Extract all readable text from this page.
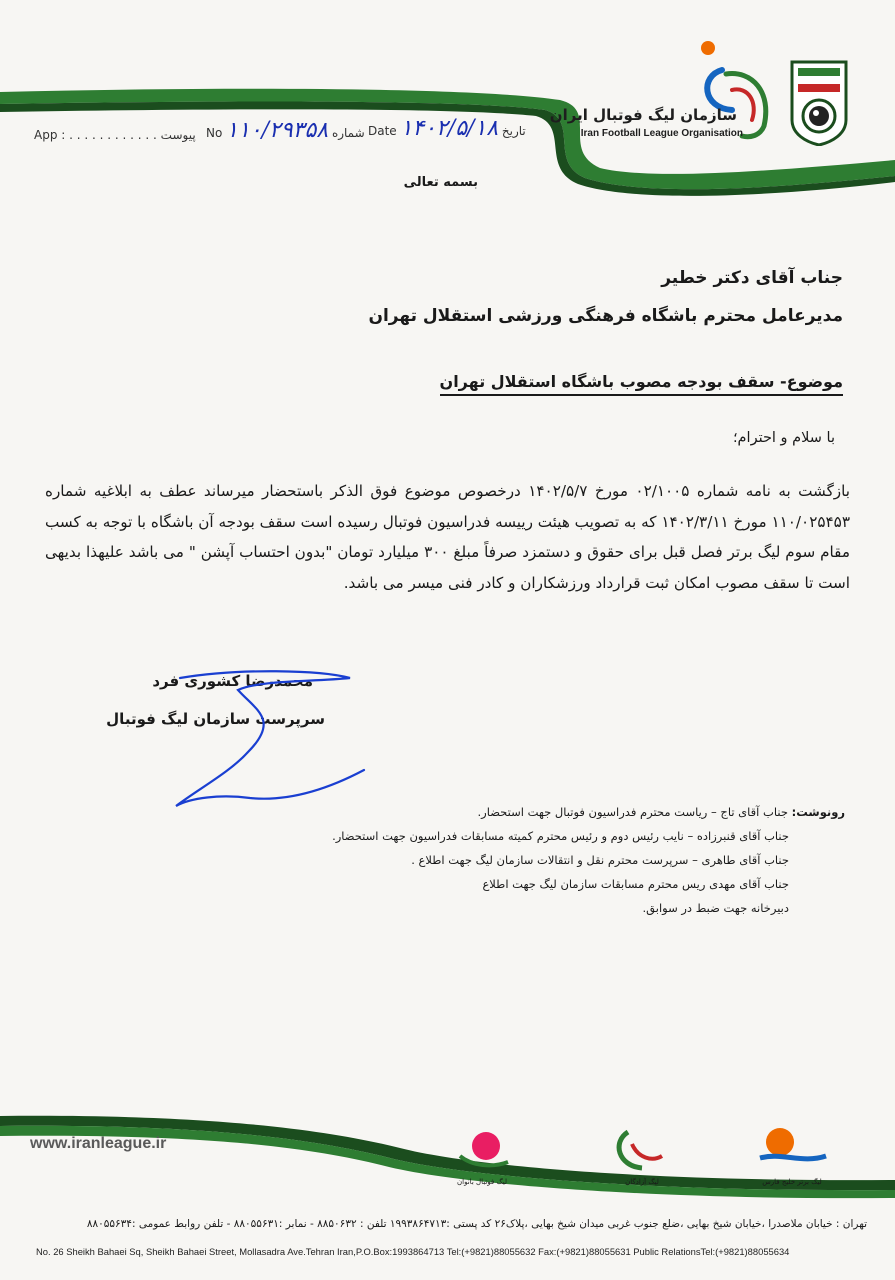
سازمان لیگ فوتبال ایران
Iran Football League Organisation
App : . . . . . . . . . . . . پیوست No ۱۱۰/۲۹۳۵۸ شماره Date ۱۴۰۲/۵/۱۸ تاریخ
بسمه تعالی
جناب آقای دکتر خطیر
مدیرعامل محترم باشگاه فرهنگی ورزشی استقلال تهران
موضوع- سقف بودجه مصوب باشگاه استقلال تهران
با سلام و احترام؛
بازگشت به نامه شماره ۰۲/۱۰۰۵ مورخ ۱۴۰۲/۵/۷ درخصوص موضوع فوق الذکر باستحضار میرساند عطف به ابلاغیه شماره ۱۱۰/۰۲۵۴۵۳ مورخ ۱۴۰۲/۳/۱۱ که به تصویب هیئت رییسه فدراسیون فوتبال رسیده است سقف بودجه آن باشگاه با توجه به کسب مقام سوم لیگ برتر فصل قبل برای حقوق و دستمزد صرفاً مبلغ ۳۰۰ میلیارد تومان "بدون احتساب آپشن " می باشد علیهذا بدیهی است تا سقف مصوب امکان ثبت قرارداد ورزشکاران و کادر فنی میسر می باشد.
محمدرضا کشوری فرد
سرپرست سازمان لیگ فوتبال
رونوشت: جناب آقای تاج – ریاست محترم فدراسیون فوتبال جهت استحضار.
جناب آقای قنبرزاده – نایب رئیس دوم و رئیس محترم کمیته مسابقات فدراسیون جهت استحضار.
جناب آقای طاهری – سرپرست محترم نقل و انتقالات سازمان لیگ جهت اطلاع .
جناب آقای مهدی ریس محترم مسابقات سازمان لیگ جهت اطلاع
دبیرخانه جهت ضبط در سوابق.
www.iranleague.ir
لیگ برتر خلیج فارس
لیگ آزادگان
لیگ فوتبال بانوان
تهران : خیابان ملاصدرا ،خیابان شیخ بهایی ،ضلع جنوب غربی میدان شیخ بهایی ،پلاک۲۶ کد پستی :۱۹۹۳۸۶۴۷۱۳ تلفن : ۸۸۵۰۶۳۲ - نمابر :۸۸۰۵۵۶۳۱ - تلفن روابط عمومی :۸۸۰۵۵۶۳۴
No. 26 Sheikh Bahaei Sq, Sheikh Bahaei Street, Mollasadra Ave.Tehran Iran,P.O.Box:1993864713 Tel:(+9821)88055632 Fax:(+9821)88055631 Public RelationsTel:(+9821)88055634
